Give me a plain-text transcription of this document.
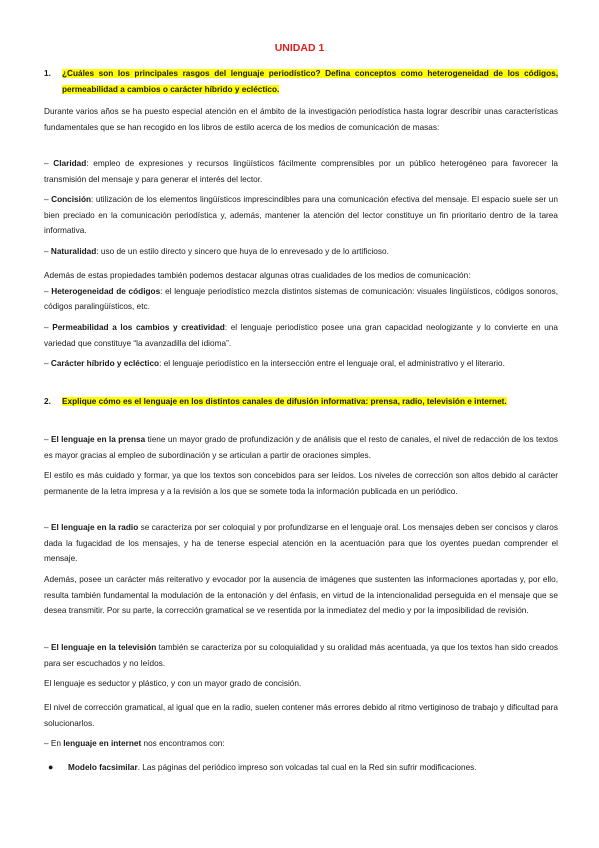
UNIDAD 1
1.	¿Cuáles son los principales rasgos del lenguaje periodístico? Defina conceptos como heterogeneidad de los códigos, permeabilidad a cambios o carácter híbrido y ecléctico.

Durante varios años se ha puesto especial atención en el ámbito de la investigación periodística hasta lograr describir unas características fundamentales que se han recogido en los libros de estilo acerca de los medios de comunicación de masas:

– Claridad: empleo de expresiones y recursos lingüísticos fácilmente comprensibles por un público heterogéneo para favorecer la transmisión del mensaje y para generar el interés del lector.

– Concisión: utilización de los elementos lingüísticos imprescindibles para una comunicación efectiva del mensaje. El espacio suele ser un bien preciado en la comunicación periodística y, además, mantener la atención del lector constituye un fin prioritario dentro de la tarea informativa.

– Naturalidad: uso de un estilo directo y sincero que huya de lo enrevesado y de lo artificioso.

Además de estas propiedades también podemos destacar algunas otras cualidades de los medios de comunicación:
– Heterogeneidad de códigos: el lenguaje periodístico mezcla distintos sistemas de comunicación: visuales lingüísticos, códigos sonoros, códigos paralingüísticos, etc.

– Permeabilidad a los cambios y creatividad: el lenguaje periodístico posee una gran capacidad neologizante y lo convierte en una variedad que constituye “la avanzadilla del idioma”.

– Carácter híbrido y ecléctico: el lenguaje periodístico en la intersección entre el lenguaje oral, el administrativo y el literario.

2.	Explique cómo es el lenguaje en los distintos canales de difusión informativa: prensa, radio, televisión e internet.

– El lenguaje en la prensa tiene un mayor grado de profundización y de análisis que el resto de canales, el nivel de redacción de los textos es mayor gracias al empleo de subordinación y se articulan a partir de oraciones simples.

El estilo es más cuidado y formar, ya que los textos son concebidos para ser leídos. Los niveles de corrección son altos debido al carácter permanente de la letra impresa y a la revisión a los que se somete toda la información publicada en un periódico.

– El lenguaje en la radio se caracteriza por ser coloquial y por profundizarse en el lenguaje oral. Los mensajes deben ser concisos y claros dada la fugacidad de los mensajes, y ha de tenerse especial atención en la acentuación para que los oyentes puedan comprender el mensaje.

Además, posee un carácter más reiterativo y evocador por la ausencia de imágenes que sustenten las informaciones aportadas y, por ello, resulta también fundamental la modulación de la entonación y del énfasis, en virtud de la intencionalidad perseguida en el mensaje que se desea transmitir. Por su parte, la corrección gramatical se ve resentida por la inmediatez del medio y por la imposibilidad de revisión.

– El lenguaje en la televisión también se caracteriza por su coloquialidad y su oralidad más acentuada, ya que los textos han sido creados para ser escuchados y no leídos.

El lenguaje es seductor y plástico, y con un mayor grado de concisión.

El nivel de corrección gramatical, al igual que en la radio, suelen contener más errores debido al ritmo vertiginoso de trabajo y dificultad para solucionarlos.

– En lenguaje en internet nos encontramos con:

●	Modelo facsimilar. Las páginas del periódico impreso son volcadas tal cual en la Red sin sufrir modificaciones.
